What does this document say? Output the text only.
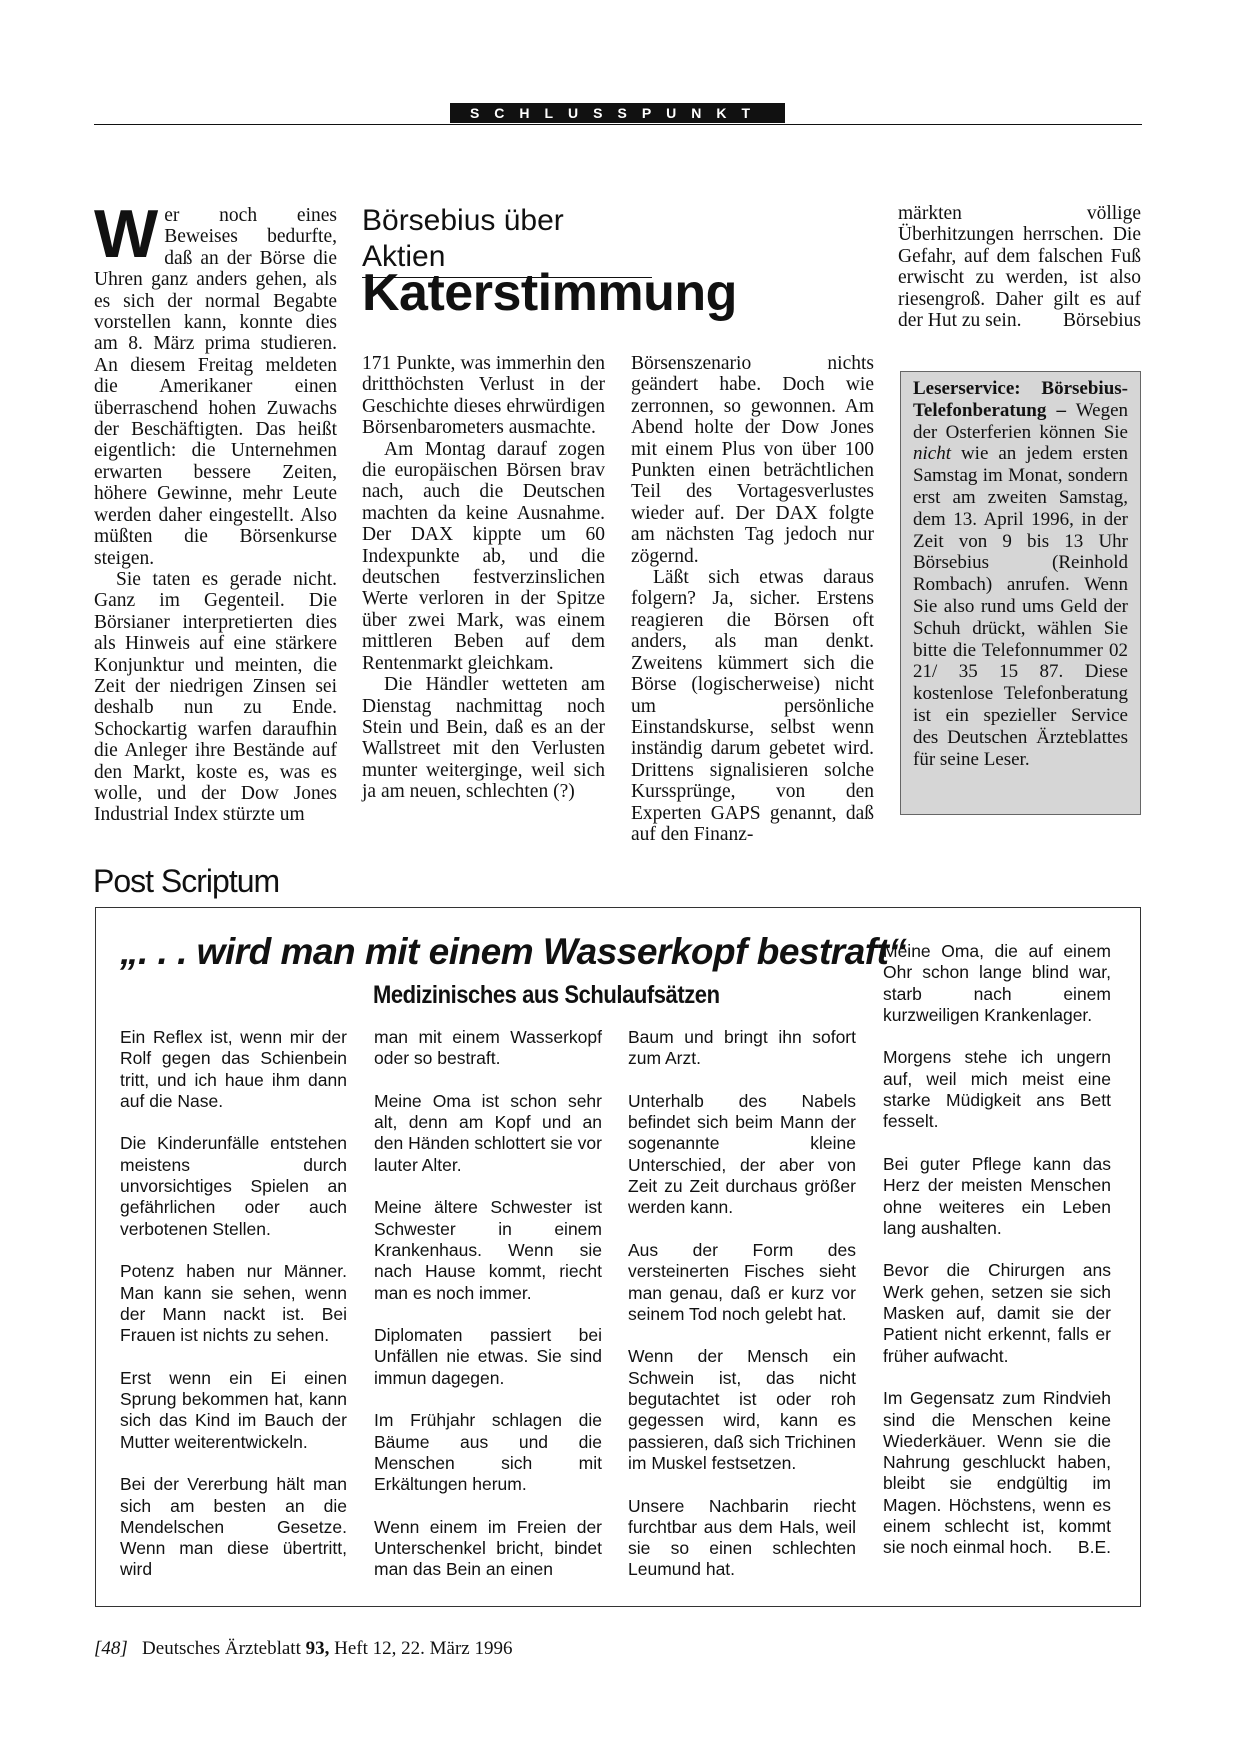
SCHLUSSPUNKT

Wer noch eines Beweises bedurfte, daß an der Börse die Uhren ganz anders gehen, als es sich der normal Begabte vorstellen kann, konnte dies am 8. März prima studieren. An diesem Freitag meldeten die Amerikaner einen überraschend hohen Zuwachs der Beschäftigten. Das heißt eigentlich: die Unternehmen erwarten bessere Zeiten, höhere Gewinne, mehr Leute werden daher eingestellt. Also müßten die Börsenkurse steigen.

Sie taten es gerade nicht. Ganz im Gegenteil. Die Börsianer interpretierten dies als Hinweis auf eine stärkere Konjunktur und meinten, die Zeit der niedrigen Zinsen sei deshalb nun zu Ende. Schockartig warfen daraufhin die Anleger ihre Bestände auf den Markt, koste es, was es wolle, und der Dow Jones Industrial Index stürzte um

Börsebius über Aktien
Katerstimmung

171 Punkte, was immerhin den dritthöchsten Verlust in der Geschichte dieses ehrwürdigen Börsenbarometers ausmachte.

Am Montag darauf zogen die europäischen Börsen brav nach, auch die Deutschen machten da keine Ausnahme. Der DAX kippte um 60 Indexpunkte ab, und die deutschen festverzinslichen Werte verloren in der Spitze über zwei Mark, was einem mittleren Beben auf dem Rentenmarkt gleichkam.

Die Händler wetteten am Dienstag nachmittag noch Stein und Bein, daß es an der Wallstreet mit den Verlusten munter weiterginge, weil sich ja am neuen, schlechten (?)

Börsenszenario nichts geändert habe. Doch wie zerronnen, so gewonnen. Am Abend holte der Dow Jones mit einem Plus von über 100 Punkten einen beträchtlichen Teil des Vortagesverlustes wieder auf. Der DAX folgte am nächsten Tag jedoch nur zögernd.

Läßt sich etwas daraus folgern? Ja, sicher. Erstens reagieren die Börsen oft anders, als man denkt. Zweitens kümmert sich die Börse (logischerweise) nicht um persönliche Einstandskurse, selbst wenn inständig darum gebetet wird. Drittens signalisieren solche Kurssprünge, von den Experten GAPS genannt, daß auf den Finanz-

märkten völlige Überhitzungen herrschen. Die Gefahr, auf dem falschen Fuß erwischt zu werden, ist also riesengroß. Daher gilt es auf der Hut zu sein. Börsebius

Leserservice: Börsebius-Telefonberatung – Wegen der Osterferien können Sie nicht wie an jedem ersten Samstag im Monat, sondern erst am zweiten Samstag, dem 13. April 1996, in der Zeit von 9 bis 13 Uhr Börsebius (Reinhold Rombach) anrufen. Wenn Sie also rund ums Geld der Schuh drückt, wählen Sie bitte die Telefonnummer 02 21/ 35 15 87. Diese kostenlose Telefonberatung ist ein spezieller Service des Deutschen Ärzteblattes für seine Leser.

Post Scriptum
„. . . wird man mit einem Wasserkopf bestraft“
Medizinisches aus Schulaufsätzen

Ein Reflex ist, wenn mir der Rolf gegen das Schienbein tritt, und ich haue ihm dann auf die Nase.

Die Kinderunfälle entstehen meistens durch unvorsichtiges Spielen an gefährlichen oder auch verbotenen Stellen.

Potenz haben nur Männer. Man kann sie sehen, wenn der Mann nackt ist. Bei Frauen ist nichts zu sehen.

Erst wenn ein Ei einen Sprung bekommen hat, kann sich das Kind im Bauch der Mutter weiterentwickeln.

Bei der Vererbung hält man sich am besten an die Mendelschen Gesetze. Wenn man diese übertritt, wird

man mit einem Wasserkopf oder so bestraft.

Meine Oma ist schon sehr alt, denn am Kopf und an den Händen schlottert sie vor lauter Alter.

Meine ältere Schwester ist Schwester in einem Krankenhaus. Wenn sie nach Hause kommt, riecht man es noch immer.

Diplomaten passiert bei Unfällen nie etwas. Sie sind immun dagegen.

Im Frühjahr schlagen die Bäume aus und die Menschen sich mit Erkältungen herum.

Wenn einem im Freien der Unterschenkel bricht, bindet man das Bein an einen

Baum und bringt ihn sofort zum Arzt.

Unterhalb des Nabels befindet sich beim Mann der sogenannte kleine Unterschied, der aber von Zeit zu Zeit durchaus größer werden kann.

Aus der Form des versteinerten Fisches sieht man genau, daß er kurz vor seinem Tod noch gelebt hat.

Wenn der Mensch ein Schwein ist, das nicht begutachtet ist oder roh gegessen wird, kann es passieren, daß sich Trichinen im Muskel festsetzen.

Unsere Nachbarin riecht furchtbar aus dem Hals, weil sie so einen schlechten Leumund hat.

Meine Oma, die auf einem Ohr schon lange blind war, starb nach einem kurzweiligen Krankenlager.

Morgens stehe ich ungern auf, weil mich meist eine starke Müdigkeit ans Bett fesselt.

Bei guter Pflege kann das Herz der meisten Menschen ohne weiteres ein Leben lang aushalten.

Bevor die Chirurgen ans Werk gehen, setzen sie sich Masken auf, damit sie der Patient nicht erkennt, falls er früher aufwacht.

Im Gegensatz zum Rindvieh sind die Menschen keine Wiederkäuer. Wenn sie die Nahrung geschluckt haben, bleibt sie endgültig im Magen. Höchstens, wenn es einem schlecht ist, kommt sie noch einmal hoch. B.E.

[48] Deutsches Ärzteblatt 93, Heft 12, 22. März 1996
